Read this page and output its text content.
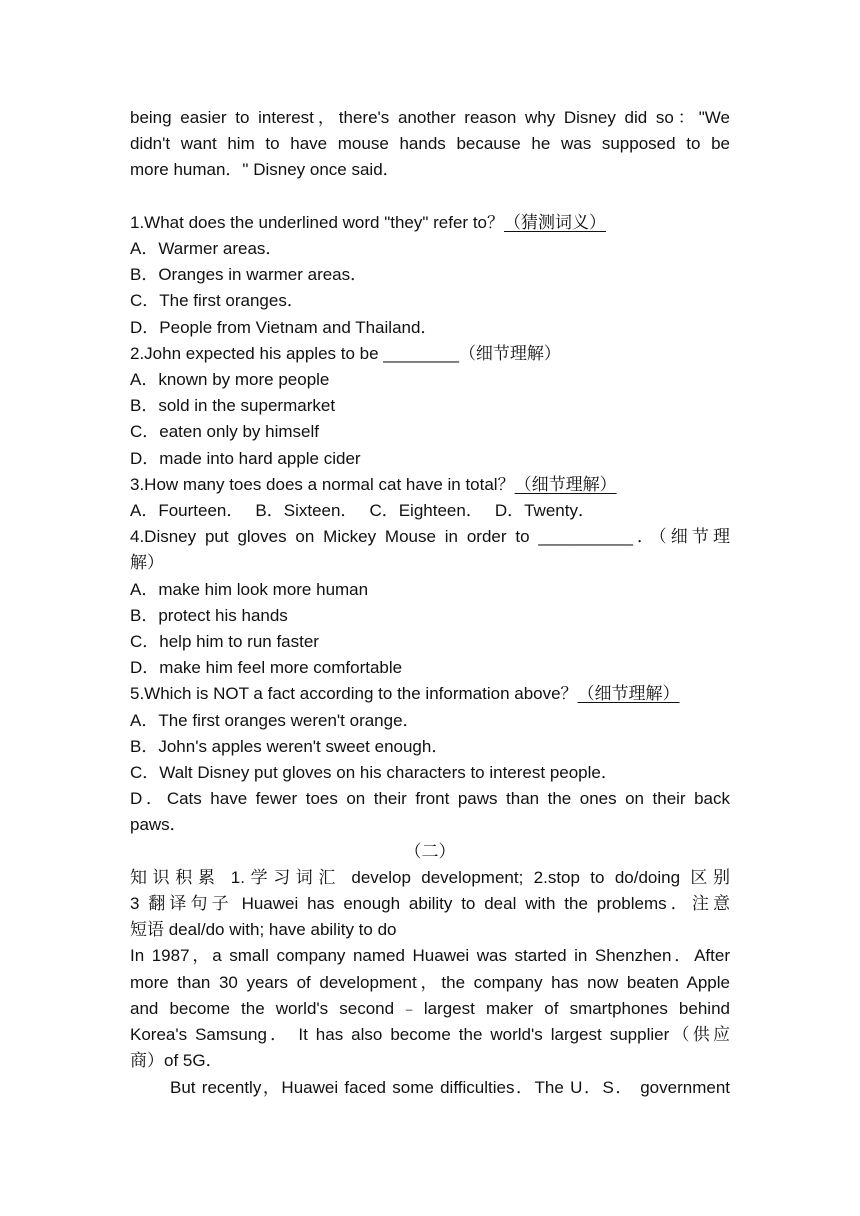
being easier to interest，there's another reason why Disney did so："We
didn't want him to have mouse hands because he was supposed to be
more human．" Disney once said．
1.What does the underlined word "they" refer to？（猜测词义）
A．Warmer areas．
B．Oranges in warmer areas．
C．The first oranges．
D．People from Vietnam and Thailand．
2.John expected his apples to be ________（细节理解）
A．known by more people
B．sold in the supermarket
C．eaten only by himself
D．made into hard apple cider
3.How many toes does a normal cat have in total？（细节理解）
A．Fourteen． B．Sixteen． C．Eighteen． D．Twenty．
4.Disney put gloves on Mickey Mouse in order to __________．（细节理
解）
A．make him look more human
B．protect his hands
C．help him to run faster
D．make him feel more comfortable
5.Which is NOT a fact according to the information above？（细节理解）
A．The first oranges weren't orange．
B．John's apples weren't sweet enough．
C．Walt Disney put gloves on his characters to interest people．
D．Cats have fewer toes on their front paws than the ones on their back
paws．
（二）
知识积累 1.学习词汇 develop development; 2.stop to do/doing 区别
3 翻译句子 Huawei has enough ability to deal with the problems．注意
短语 deal/do with; have ability to do
In 1987，a small company named Huawei was started in Shenzhen．After
more than 30 years of development，the company has now beaten Apple
and become the world's second﹣largest maker of smartphones behind
Korea's Samsung． It has also become the world's largest supplier（供应
商）of 5G．
But recently，Huawei faced some difficulties．The U．S． government
